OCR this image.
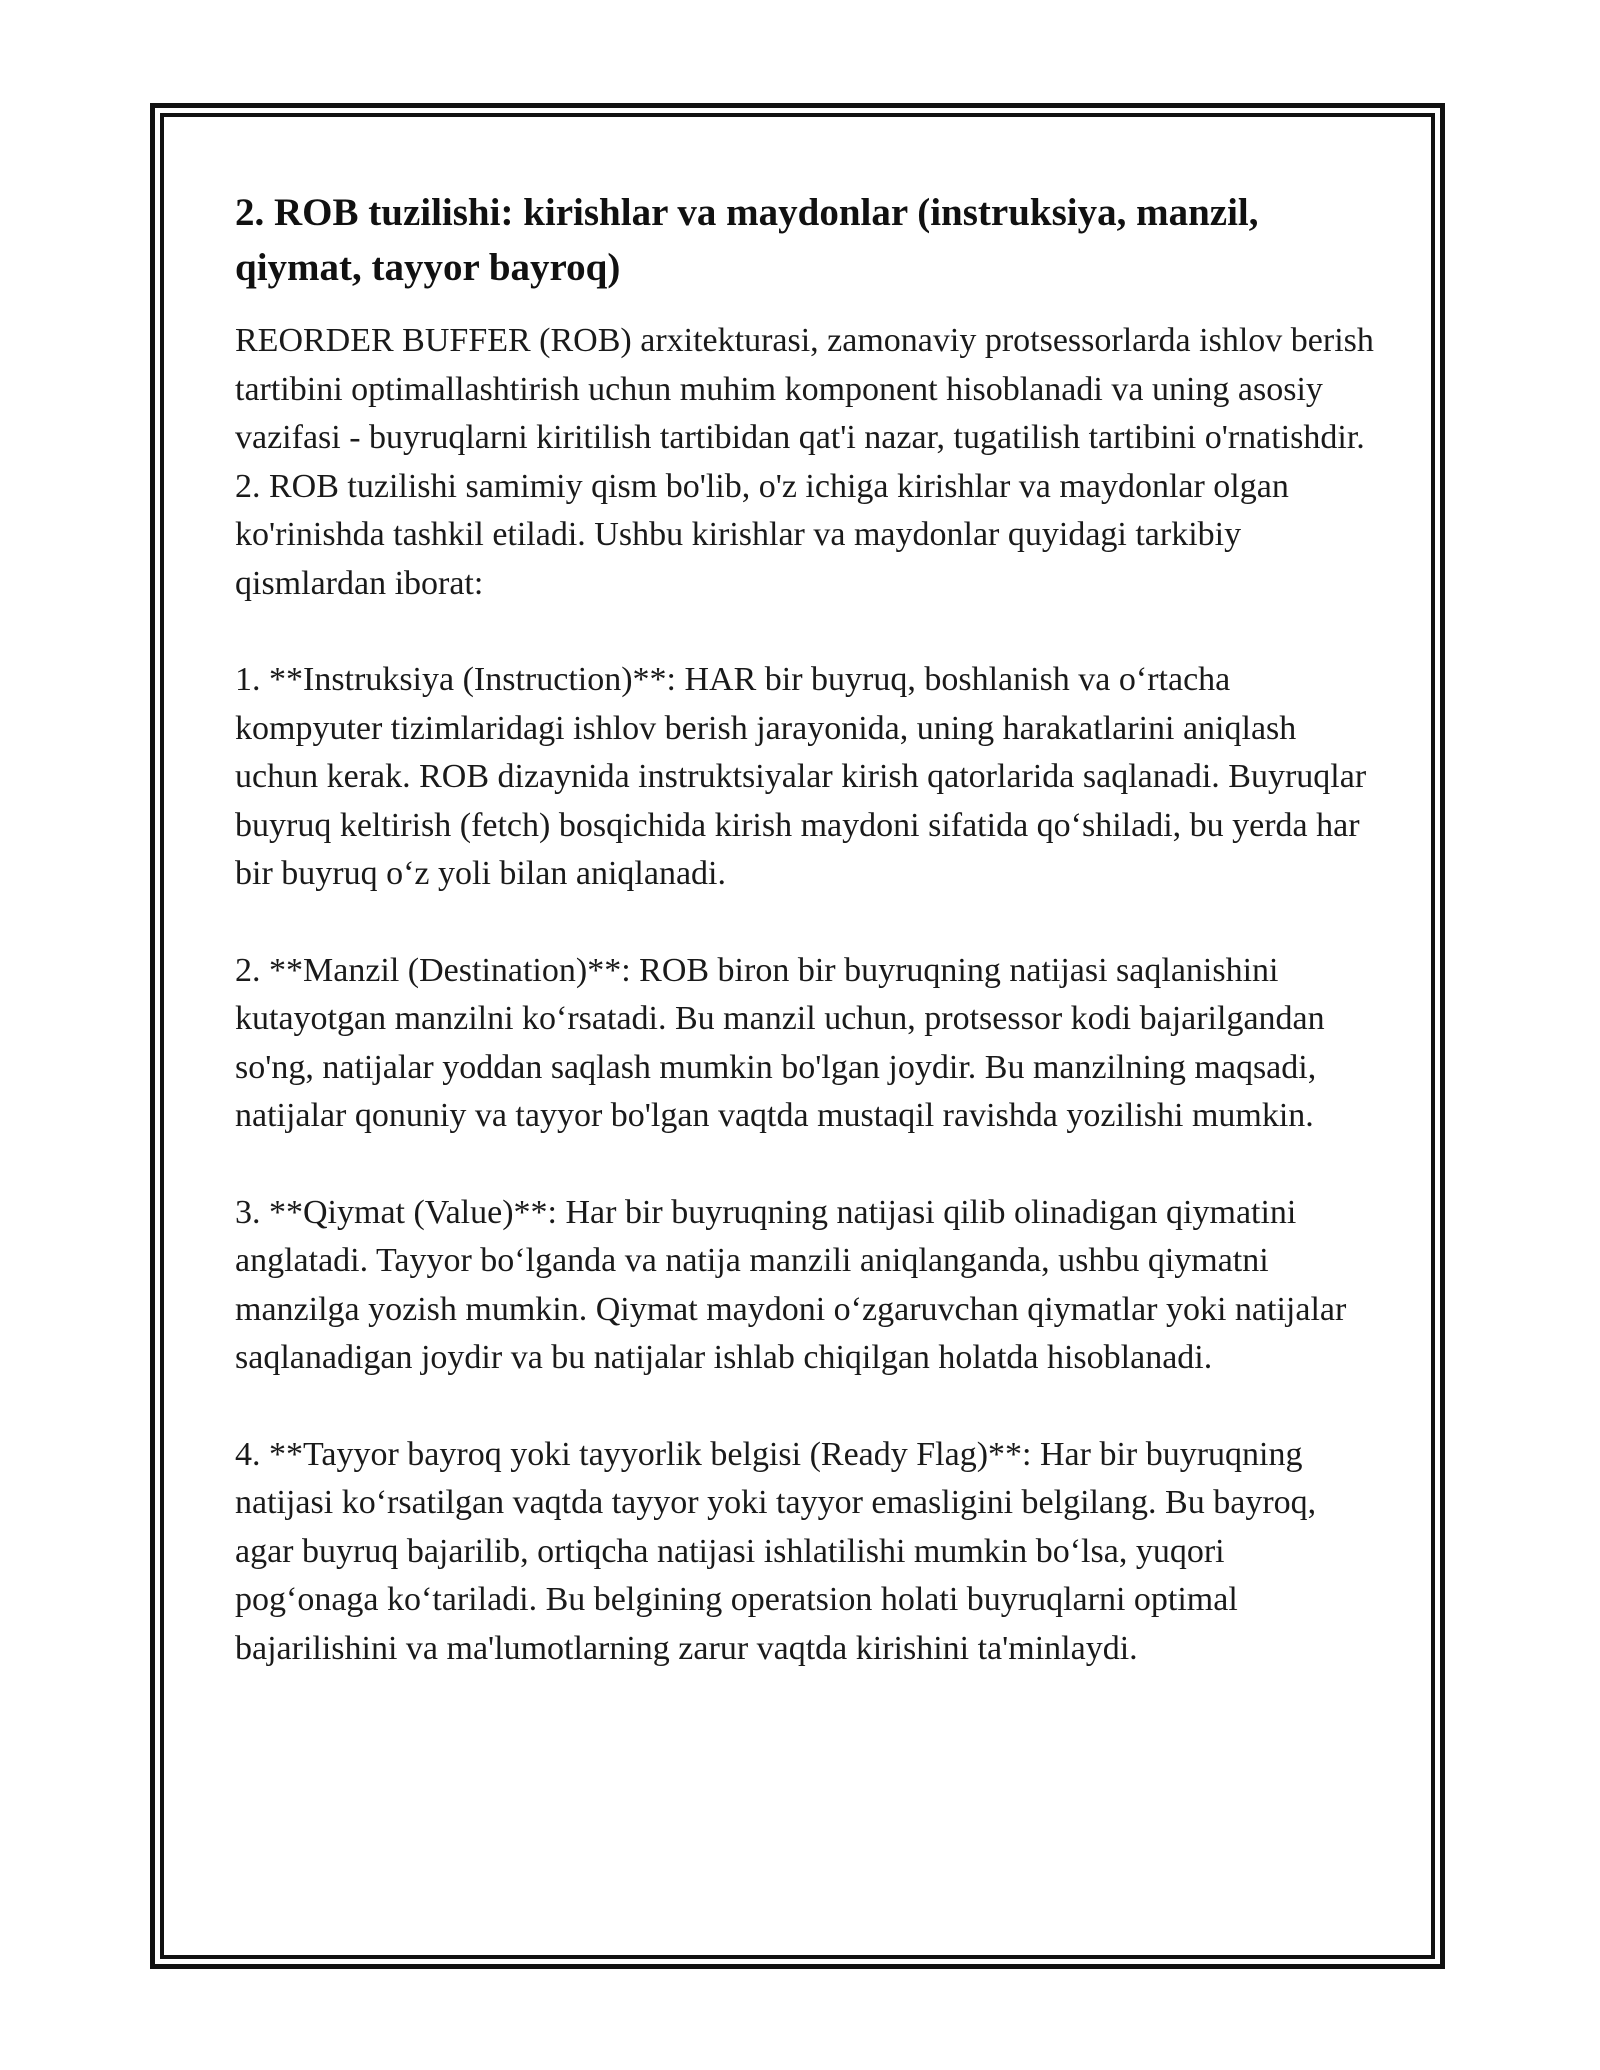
2. ROB tuzilishi: kirishlar va maydonlar (instruksiya, manzil, qiymat, tayyor bayroq)

REORDER BUFFER (ROB) arxitekturasi, zamonaviy protsessorlarda ishlov berish tartibini optimallashtirish uchun muhim komponent hisoblanadi va uning asosiy vazifasi - buyruqlarni kiritilish tartibidan qat'i nazar, tugatilish tartibini o'rnatishdir. 2. ROB tuzilishi samimiy qism bo'lib, o'z ichiga kirishlar va maydonlar olgan ko'rinishda tashkil etiladi. Ushbu kirishlar va maydonlar quyidagi tarkibiy qismlardan iborat:

1. **Instruksiya (Instruction)**: HAR bir buyruq, boshlanish va o‘rtacha kompyuter tizimlaridagi ishlov berish jarayonida, uning harakatlarini aniqlash uchun kerak. ROB dizaynida instruktsiyalar kirish qatorlarida saqlanadi. Buyruqlar buyruq keltirish (fetch) bosqichida kirish maydoni sifatida qo‘shiladi, bu yerda har bir buyruq o‘z yoli bilan aniqlanadi.

2. **Manzil (Destination)**: ROB biron bir buyruqning natijasi saqlanishini kutayotgan manzilni ko‘rsatadi. Bu manzil uchun, protsessor kodi bajarilgandan so'ng, natijalar yoddan saqlash mumkin bo'lgan joydir. Bu manzilning maqsadi, natijalar qonuniy va tayyor bo'lgan vaqtda mustaqil ravishda yozilishi mumkin.

3. **Qiymat (Value)**: Har bir buyruqning natijasi qilib olinadigan qiymatini anglatadi. Tayyor bo‘lganda va natija manzili aniqlanganda, ushbu qiymatni manzilga yozish mumkin. Qiymat maydoni o‘zgaruvchan qiymatlar yoki natijalar saqlanadigan joydir va bu natijalar ishlab chiqilgan holatda hisoblanadi.

4. **Tayyor bayroq yoki tayyorlik belgisi (Ready Flag)**: Har bir buyruqning natijasi ko‘rsatilgan vaqtda tayyor yoki tayyor emasligini belgilang. Bu bayroq, agar buyruq bajarilib, ortiqcha natijasi ishlatilishi mumkin bo‘lsa, yuqori pog‘onaga ko‘tariladi. Bu belgining operatsion holati buyruqlarni optimal bajarilishini va ma'lumotlarning zarur vaqtda kirishini ta'minlaydi.
